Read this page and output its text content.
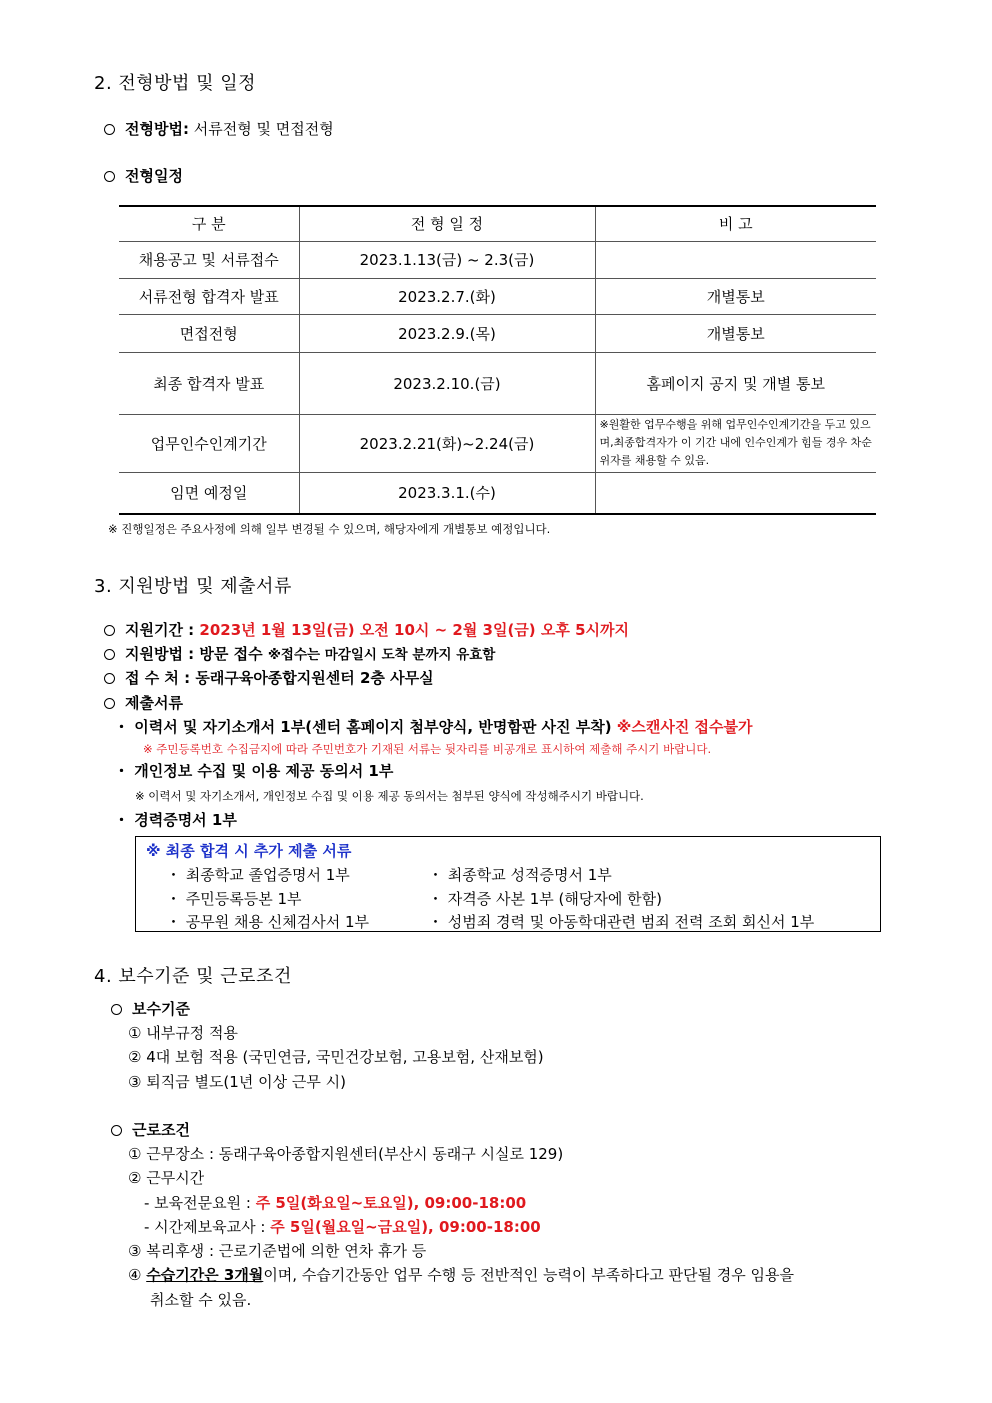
2. 전형방법 및 일정
전형방법: 서류전형 및 면접전형
전형일정
구 분	전 형 일 정	비 고
채용공고 및 서류접수	2023.1.13(금) ~ 2.3(금)	
서류전형 합격자 발표	2023.2.7.(화)	개별통보
면접전형	2023.2.9.(목)	개별통보
최종 합격자 발표	2023.2.10.(금)	홈페이지 공지 및 개별 통보
업무인수인계기간	2023.2.21(화)~2.24(금)	※원활한 업무수행을 위해 업무인수인계기간을 두고 있으며,최종합격자가 이 기간 내에 인수인계가 힘들 경우 차순위자를 채용할 수 있음.
임면 예정일	2023.3.1.(수)	
※ 진행일정은 주요사정에 의해 일부 변경될 수 있으며, 해당자에게 개별통보 예정입니다.
3. 지원방법 및 제출서류
지원기간 : 2023년 1월 13일(금) 오전 10시 ~ 2월 3일(금) 오후 5시까지
지원방법 : 방문 접수 ※접수는 마감일시 도착 분까지 유효함
접 수 처 : 동래구육아종합지원센터 2층 사무실
제출서류
・ 이력서 및 자기소개서 1부(센터 홈페이지 첨부양식, 반명함판 사진 부착) ※스캔사진 접수불가
※ 주민등록번호 수집금지에 따라 주민번호가 기재된 서류는 뒷자리를 비공개로 표시하여 제출해 주시기 바랍니다.
・ 개인정보 수집 및 이용 제공 동의서 1부
※ 이력서 및 자기소개서, 개인정보 수집 및 이용 제공 동의서는 첨부된 양식에 작성해주시기 바랍니다.
・ 경력증명서 1부
※ 최종 합격 시 추가 제출 서류
・ 최종학교 졸업증명서 1부
・ 주민등록등본 1부
・ 공무원 채용 신체검사서 1부
・ 최종학교 성적증명서 1부
・ 자격증 사본 1부 (해당자에 한함)
・ 성범죄 경력 및 아동학대관련 범죄 전력 조회 회신서 1부
4. 보수기준 및 근로조건
보수기준
① 내부규정 적용
② 4대 보험 적용 (국민연금, 국민건강보험, 고용보험, 산재보험)
③ 퇴직금 별도(1년 이상 근무 시)
근로조건
① 근무장소 : 동래구육아종합지원센터(부산시 동래구 시실로 129)
② 근무시간
- 보육전문요원 : 주 5일(화요일~토요일), 09:00-18:00
- 시간제보육교사 : 주 5일(월요일~금요일), 09:00-18:00
③ 복리후생 : 근로기준법에 의한 연차 휴가 등
④ 수습기간은 3개월이며, 수습기간동안 업무 수행 등 전반적인 능력이 부족하다고 판단될 경우 임용을
취소할 수 있음.
